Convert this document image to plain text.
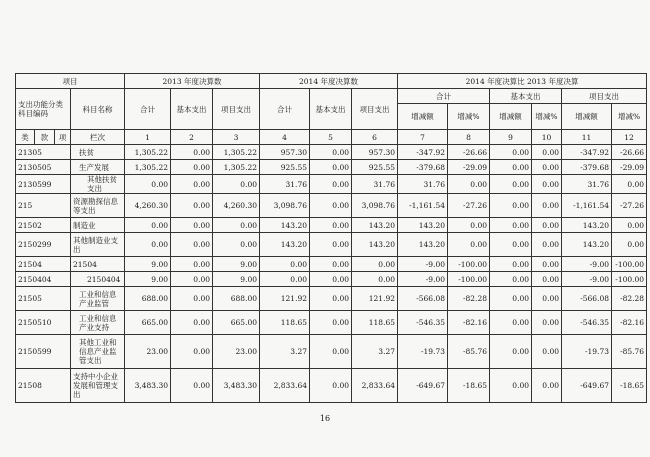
项目				2013 年度决算数			2014 年度决算数			2014 年度决算比 2013 年度决算					
支出功能分类科目编码			科目名称	合计	基本支出	项目支出	合计	基本支出	项目支出	合计		基本支出		项目支出	
										增减额	增减%	增减额	增减%	增减额	增减%
类	款	项	栏次	1	2	3	4	5	6	7	8	9	10	11	12
21305			扶贫	1,305.22	0.00	1,305.22	957.30	0.00	957.30	-347.92	-26.66	0.00	0.00	-347.92	-26.66
2130505			生产发展	1,305.22	0.00	1,305.22	925.55	0.00	925.55	-379.68	-29.09	0.00	0.00	-379.68	-29.09
2130599			其他扶贫支出	0.00	0.00	0.00	31.76	0.00	31.76	31.76	0.00	0.00	0.00	31.76	0.00
215			资源勘探信息等支出	4,260.30	0.00	4,260.30	3,098.76	0.00	3,098.76	-1,161.54	-27.26	0.00	0.00	-1,161.54	-27.26
21502			制造业	0.00	0.00	0.00	143.20	0.00	143.20	143.20	0.00	0.00	0.00	143.20	0.00
2150299			其他制造业支出	0.00	0.00	0.00	143.20	0.00	143.20	143.20	0.00	0.00	0.00	143.20	0.00
21504			21504	9.00	0.00	9.00	0.00	0.00	0.00	-9.00	-100.00	0.00	0.00	-9.00	-100.00
2150404			2150404	9.00	0.00	9.00	0.00	0.00	0.00	-9.00	-100.00	0.00	0.00	-9.00	-100.00
21505			工业和信息产业监管	688.00	0.00	688.00	121.92	0.00	121.92	-566.08	-82.28	0.00	0.00	-566.08	-82.28
2150510			工业和信息产业支持	665.00	0.00	665.00	118.65	0.00	118.65	-546.35	-82.16	0.00	0.00	-546.35	-82.16
2150599			其他工业和信息产业监管支出	23.00	0.00	23.00	3.27	0.00	3.27	-19.73	-85.76	0.00	0.00	-19.73	-85.76
21508			支持中小企业发展和管理支出	3,483.30	0.00	3,483.30	2,833.64	0.00	2,833.64	-649.67	-18.65	0.00	0.00	-649.67	-18.65
16
